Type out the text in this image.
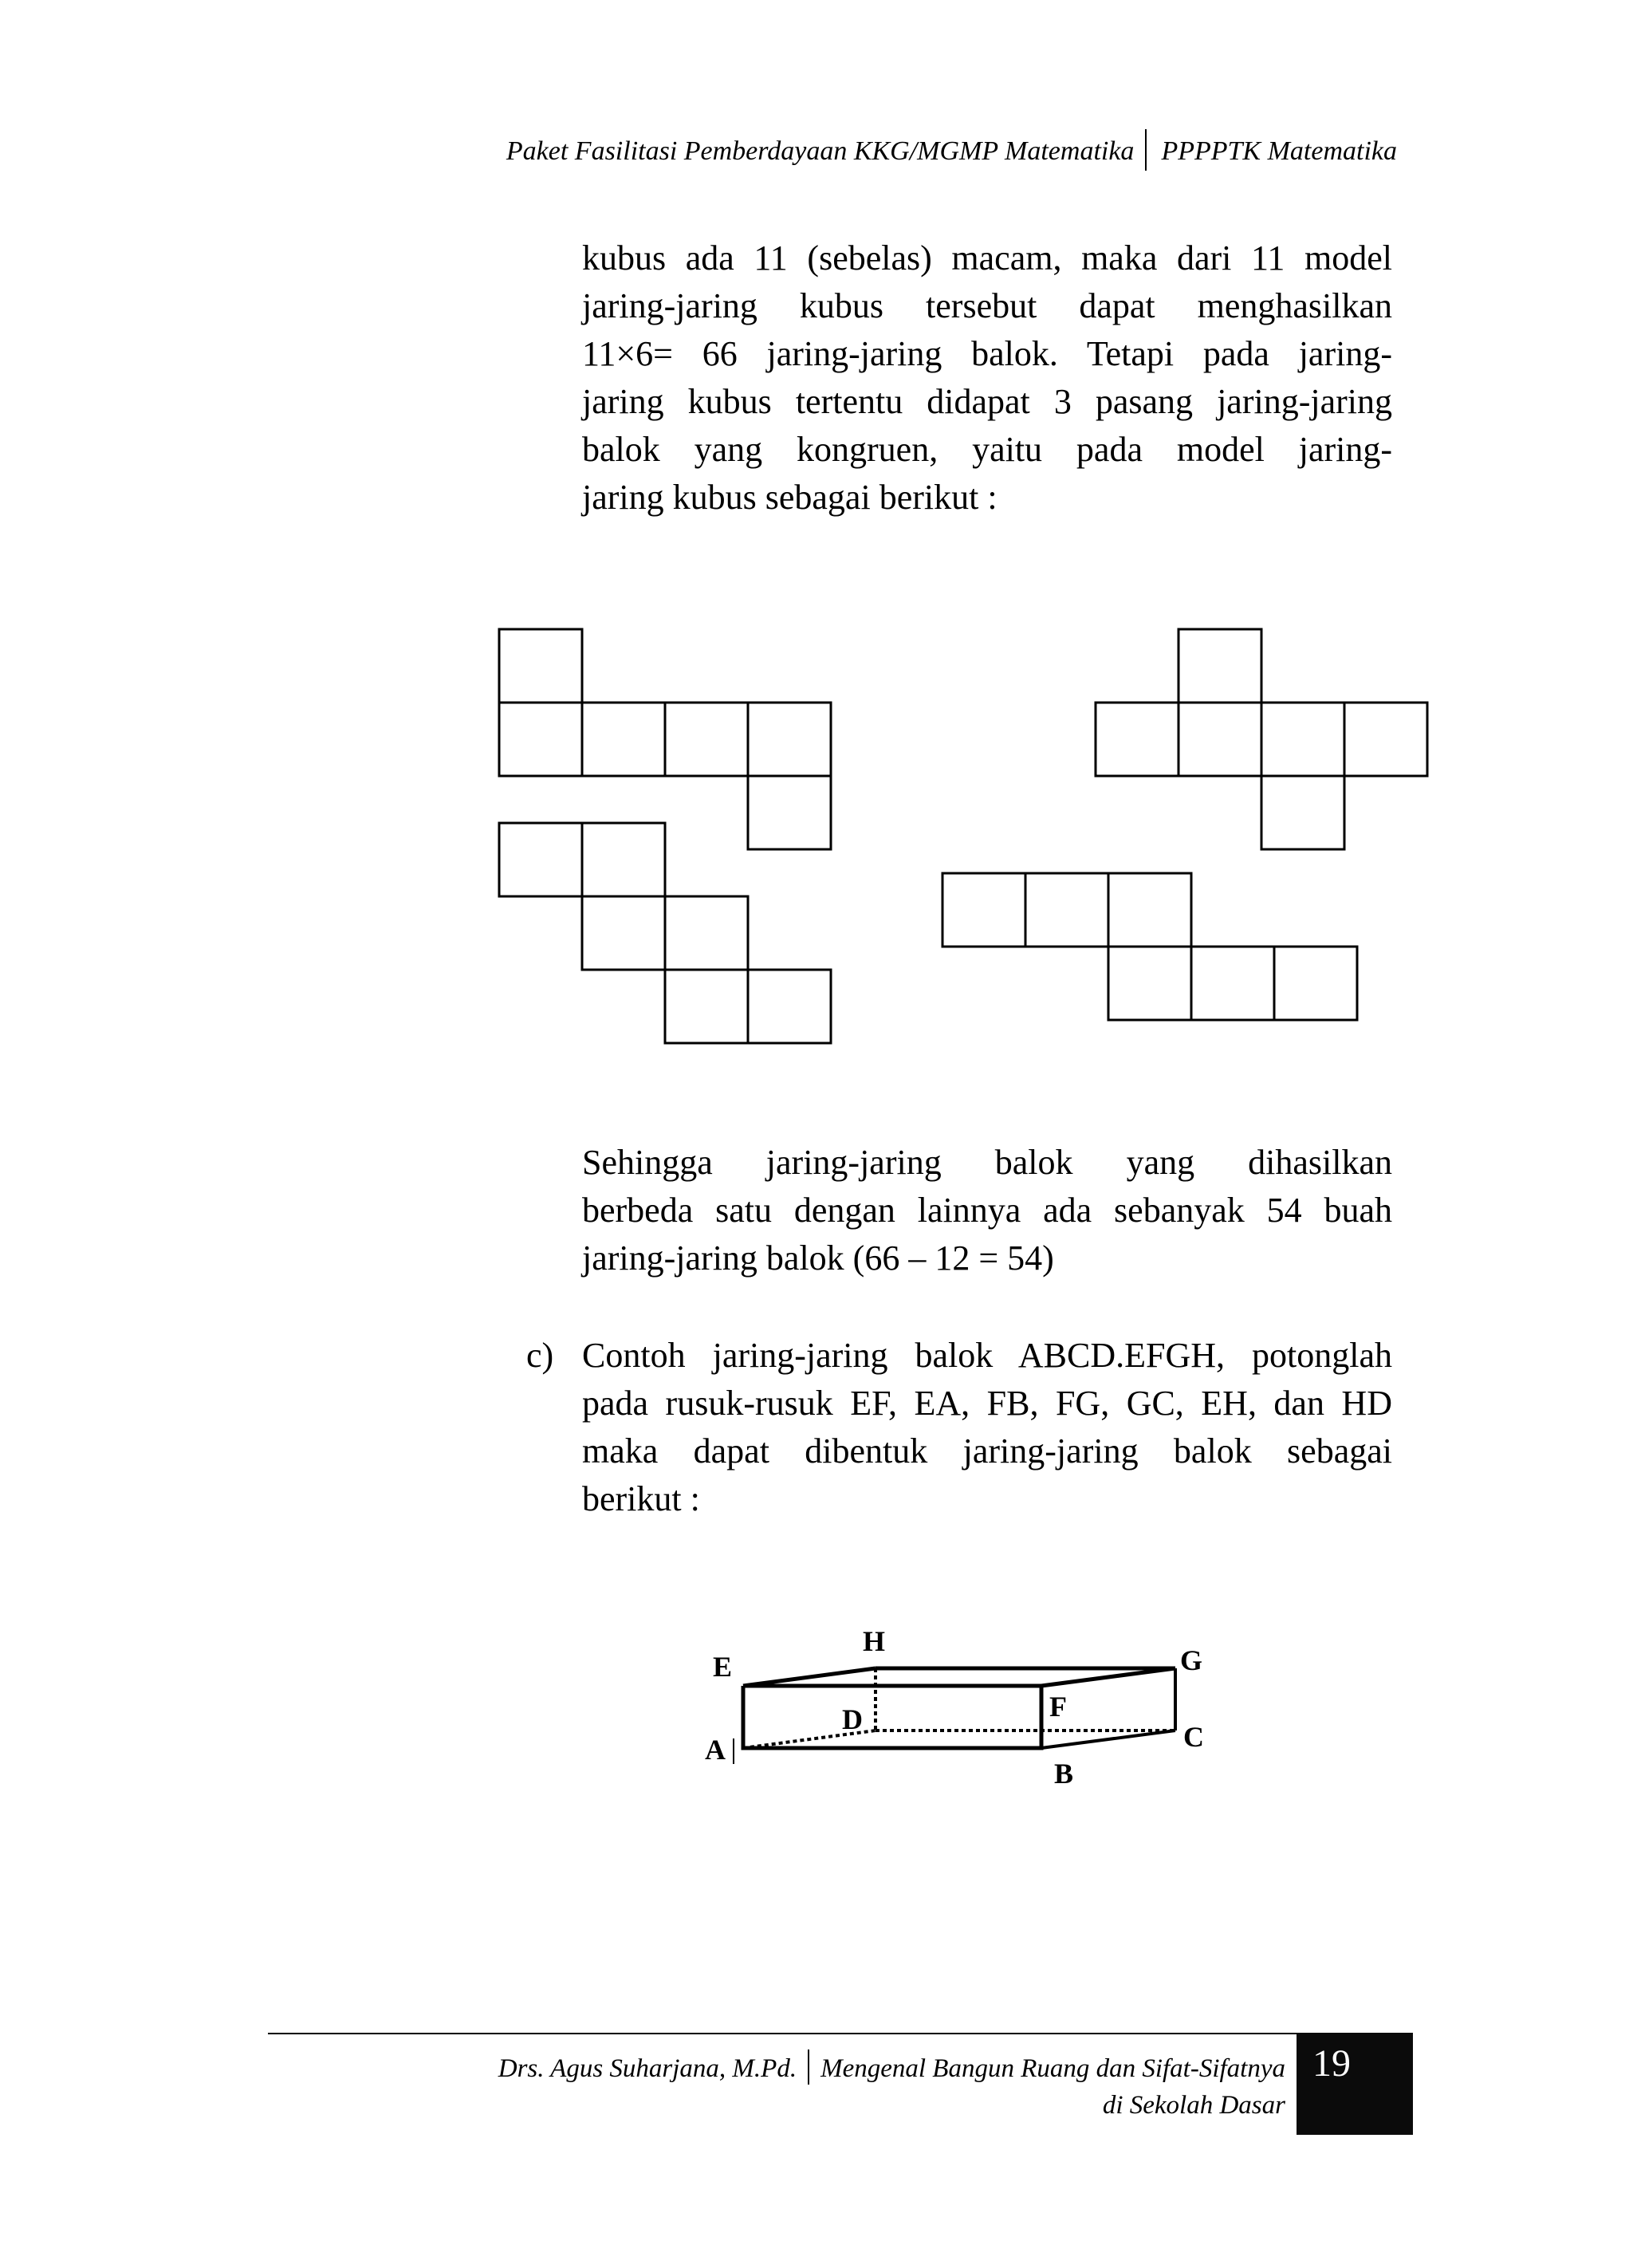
Paket Fasilitasi Pemberdayaan KKG/MGMP Matematika PPPPTK Matematika
kubus ada 11 (sebelas) macam, maka dari 11 model
jaring-jaring kubus tersebut dapat menghasilkan
11×6= 66 jaring-jaring balok. Tetapi pada jaring-
jaring kubus tertentu didapat 3 pasang jaring-jaring
balok yang kongruen, yaitu pada model jaring-
jaring kubus sebagai berikut :
Sehingga jaring-jaring balok yang dihasilkan
berbeda satu dengan lainnya ada sebanyak 54 buah
jaring-jaring balok (66 – 12 = 54)
c) Contoh jaring-jaring balok ABCD.EFGH, potonglah
pada rusuk-rusuk EF, EA, FB, FG, GC, EH, dan HD
maka dapat dibentuk jaring-jaring balok sebagai
berikut :
E
H
G
D	F
A
B
C
Drs. Agus Suharjana, M.Pd. Mengenal Bangun Ruang dan Sifat-Sifatnya
di Sekolah Dasar
19
